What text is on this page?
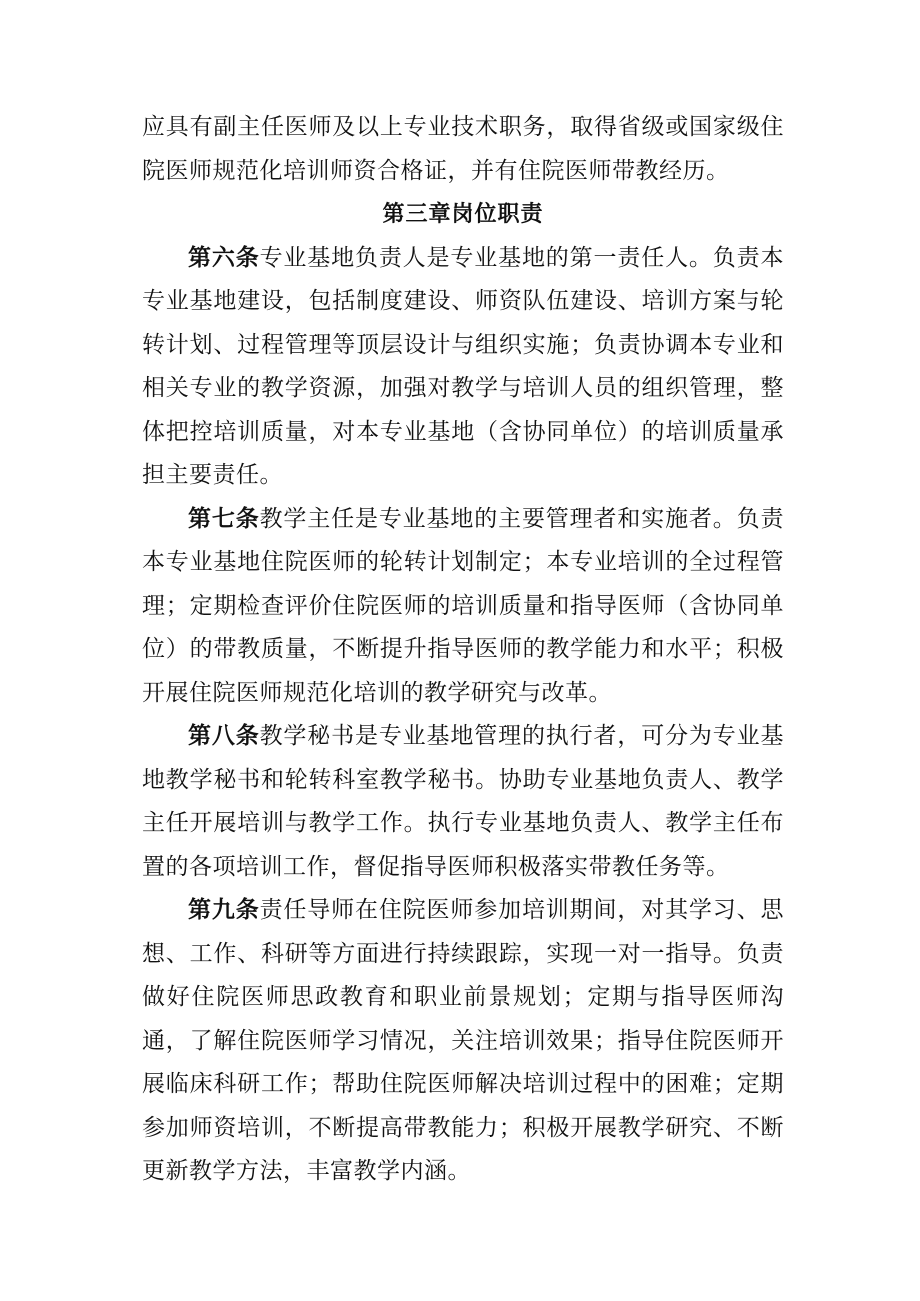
应具有副主任医师及以上专业技术职务，取得省级或国家级住院医师规范化培训师资合格证，并有住院医师带教经历。

第三章岗位职责

第六条专业基地负责人是专业基地的第一责任人。负责本专业基地建设，包括制度建设、师资队伍建设、培训方案与轮转计划、过程管理等顶层设计与组织实施；负责协调本专业和相关专业的教学资源，加强对教学与培训人员的组织管理，整体把控培训质量，对本专业基地（含协同单位）的培训质量承担主要责任。

第七条教学主任是专业基地的主要管理者和实施者。负责本专业基地住院医师的轮转计划制定；本专业培训的全过程管理；定期检查评价住院医师的培训质量和指导医师（含协同单位）的带教质量，不断提升指导医师的教学能力和水平；积极开展住院医师规范化培训的教学研究与改革。

第八条教学秘书是专业基地管理的执行者，可分为专业基地教学秘书和轮转科室教学秘书。协助专业基地负责人、教学主任开展培训与教学工作。执行专业基地负责人、教学主任布置的各项培训工作，督促指导医师积极落实带教任务等。

第九条责任导师在住院医师参加培训期间，对其学习、思想、工作、科研等方面进行持续跟踪，实现一对一指导。负责做好住院医师思政教育和职业前景规划；定期与指导医师沟通，了解住院医师学习情况，关注培训效果；指导住院医师开展临床科研工作；帮助住院医师解决培训过程中的困难；定期参加师资培训，不断提高带教能力；积极开展教学研究、不断更新教学方法，丰富教学内涵。
